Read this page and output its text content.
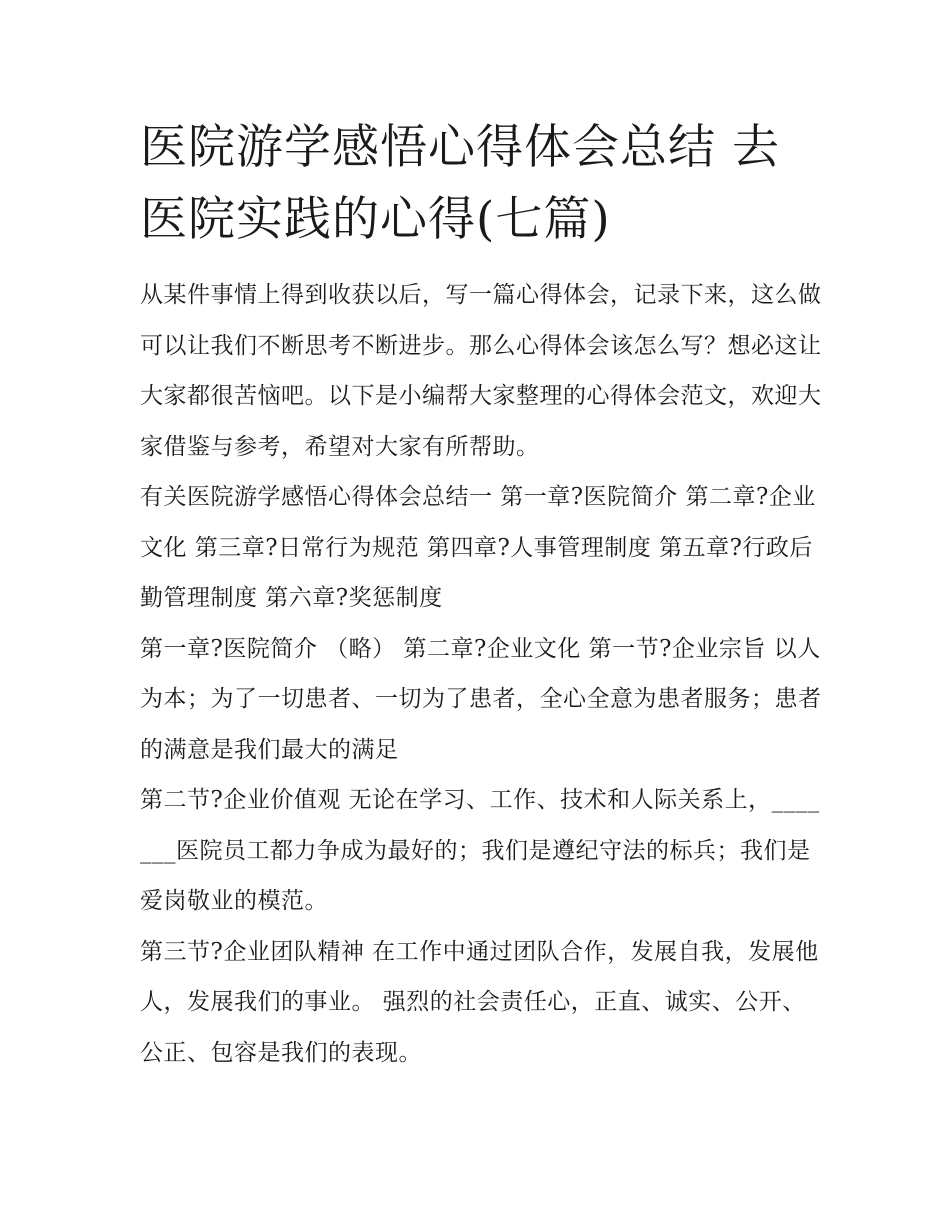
医院游学感悟心得体会总结 去医院实践的心得(七篇)

从某件事情上得到收获以后，写一篇心得体会，记录下来，这么做可以让我们不断思考不断进步。那么心得体会该怎么写？想必这让大家都很苦恼吧。以下是小编帮大家整理的心得体会范文，欢迎大家借鉴与参考，希望对大家有所帮助。

有关医院游学感悟心得体会总结一 第一章?医院简介 第二章?企业文化 第三章?日常行为规范 第四章?人事管理制度 第五章?行政后勤管理制度 第六章?奖惩制度

第一章?医院简介 （略） 第二章?企业文化 第一节?企业宗旨 以人为本；为了一切患者、一切为了患者，全心全意为患者服务；患者的满意是我们最大的满足

第二节?企业价值观 无论在学习、工作、技术和人际关系上，_______医院员工都力争成为最好的；我们是遵纪守法的标兵；我们是爱岗敬业的模范。

第三节?企业团队精神 在工作中通过团队合作，发展自我，发展他人，发展我们的事业。 强烈的社会责任心，正直、诚实、公开、公正、包容是我们的表现。
